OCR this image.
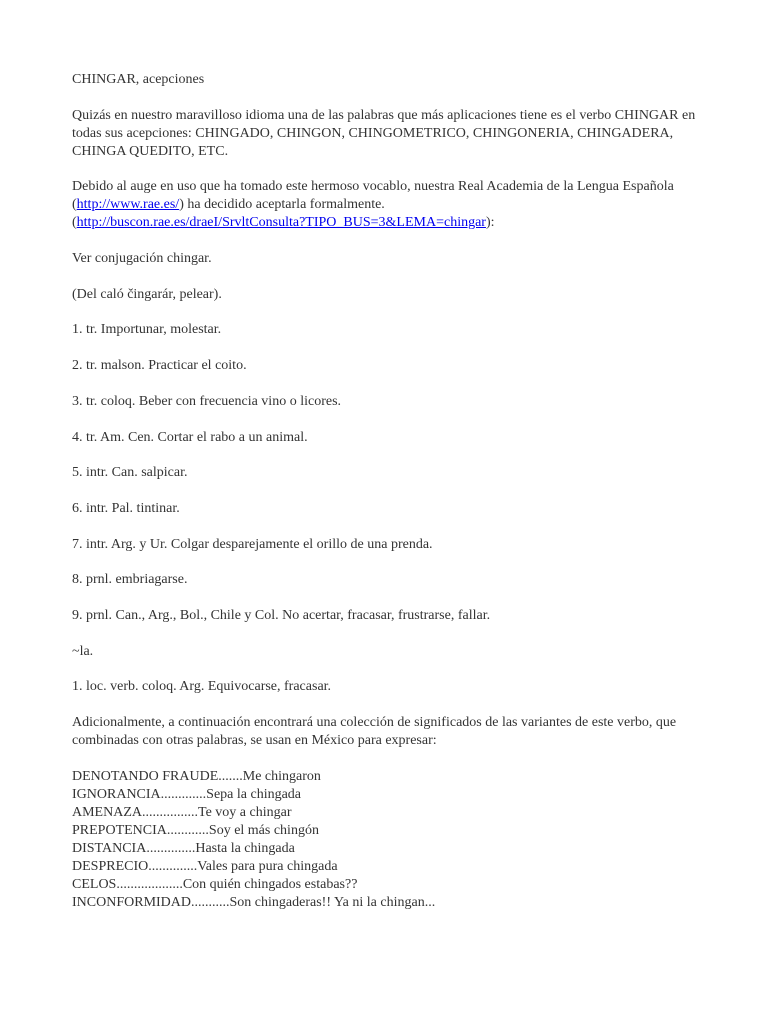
CHINGAR, acepciones

Quizás en nuestro maravilloso idioma una de las palabras que más aplicaciones tiene es el verbo CHINGAR en todas sus acepciones: CHINGADO, CHINGON, CHINGOMETRICO, CHINGONERIA, CHINGADERA, CHINGA QUEDITO, ETC.

Debido al auge en uso que ha tomado este hermoso vocablo, nuestra Real Academia de la Lengua Española (http://www.rae.es/) ha decidido aceptarla formalmente.
(http://buscon.rae.es/draeI/SrvltConsulta?TIPO_BUS=3&LEMA=chingar):

Ver conjugación chingar.

(Del caló čingarár, pelear).

1. tr. Importunar, molestar.

2. tr. malson. Practicar el coito.

3. tr. coloq. Beber con frecuencia vino o licores.

4. tr. Am. Cen. Cortar el rabo a un animal.

5. intr. Can. salpicar.

6. intr. Pal. tintinar.

7. intr. Arg. y Ur. Colgar desparejamente el orillo de una prenda.

8. prnl. embriagarse.

9. prnl. Can., Arg., Bol., Chile y Col. No acertar, fracasar, frustrarse, fallar.

~la.

1. loc. verb. coloq. Arg. Equivocarse, fracasar.

Adicionalmente, a continuación encontrará una colección de significados de las variantes de este verbo, que combinadas con otras palabras, se usan en México para expresar:

DENOTANDO FRAUDE.......Me chingaron
IGNORANCIA.............Sepa la chingada
AMENAZA................Te voy a chingar
PREPOTENCIA............Soy el más chingón
DISTANCIA..............Hasta la chingada
DESPRECIO..............Vales para pura chingada
CELOS...................Con quién chingados estabas??
INCONFORMIDAD...........Son chingaderas!! Ya ni la chingan...
